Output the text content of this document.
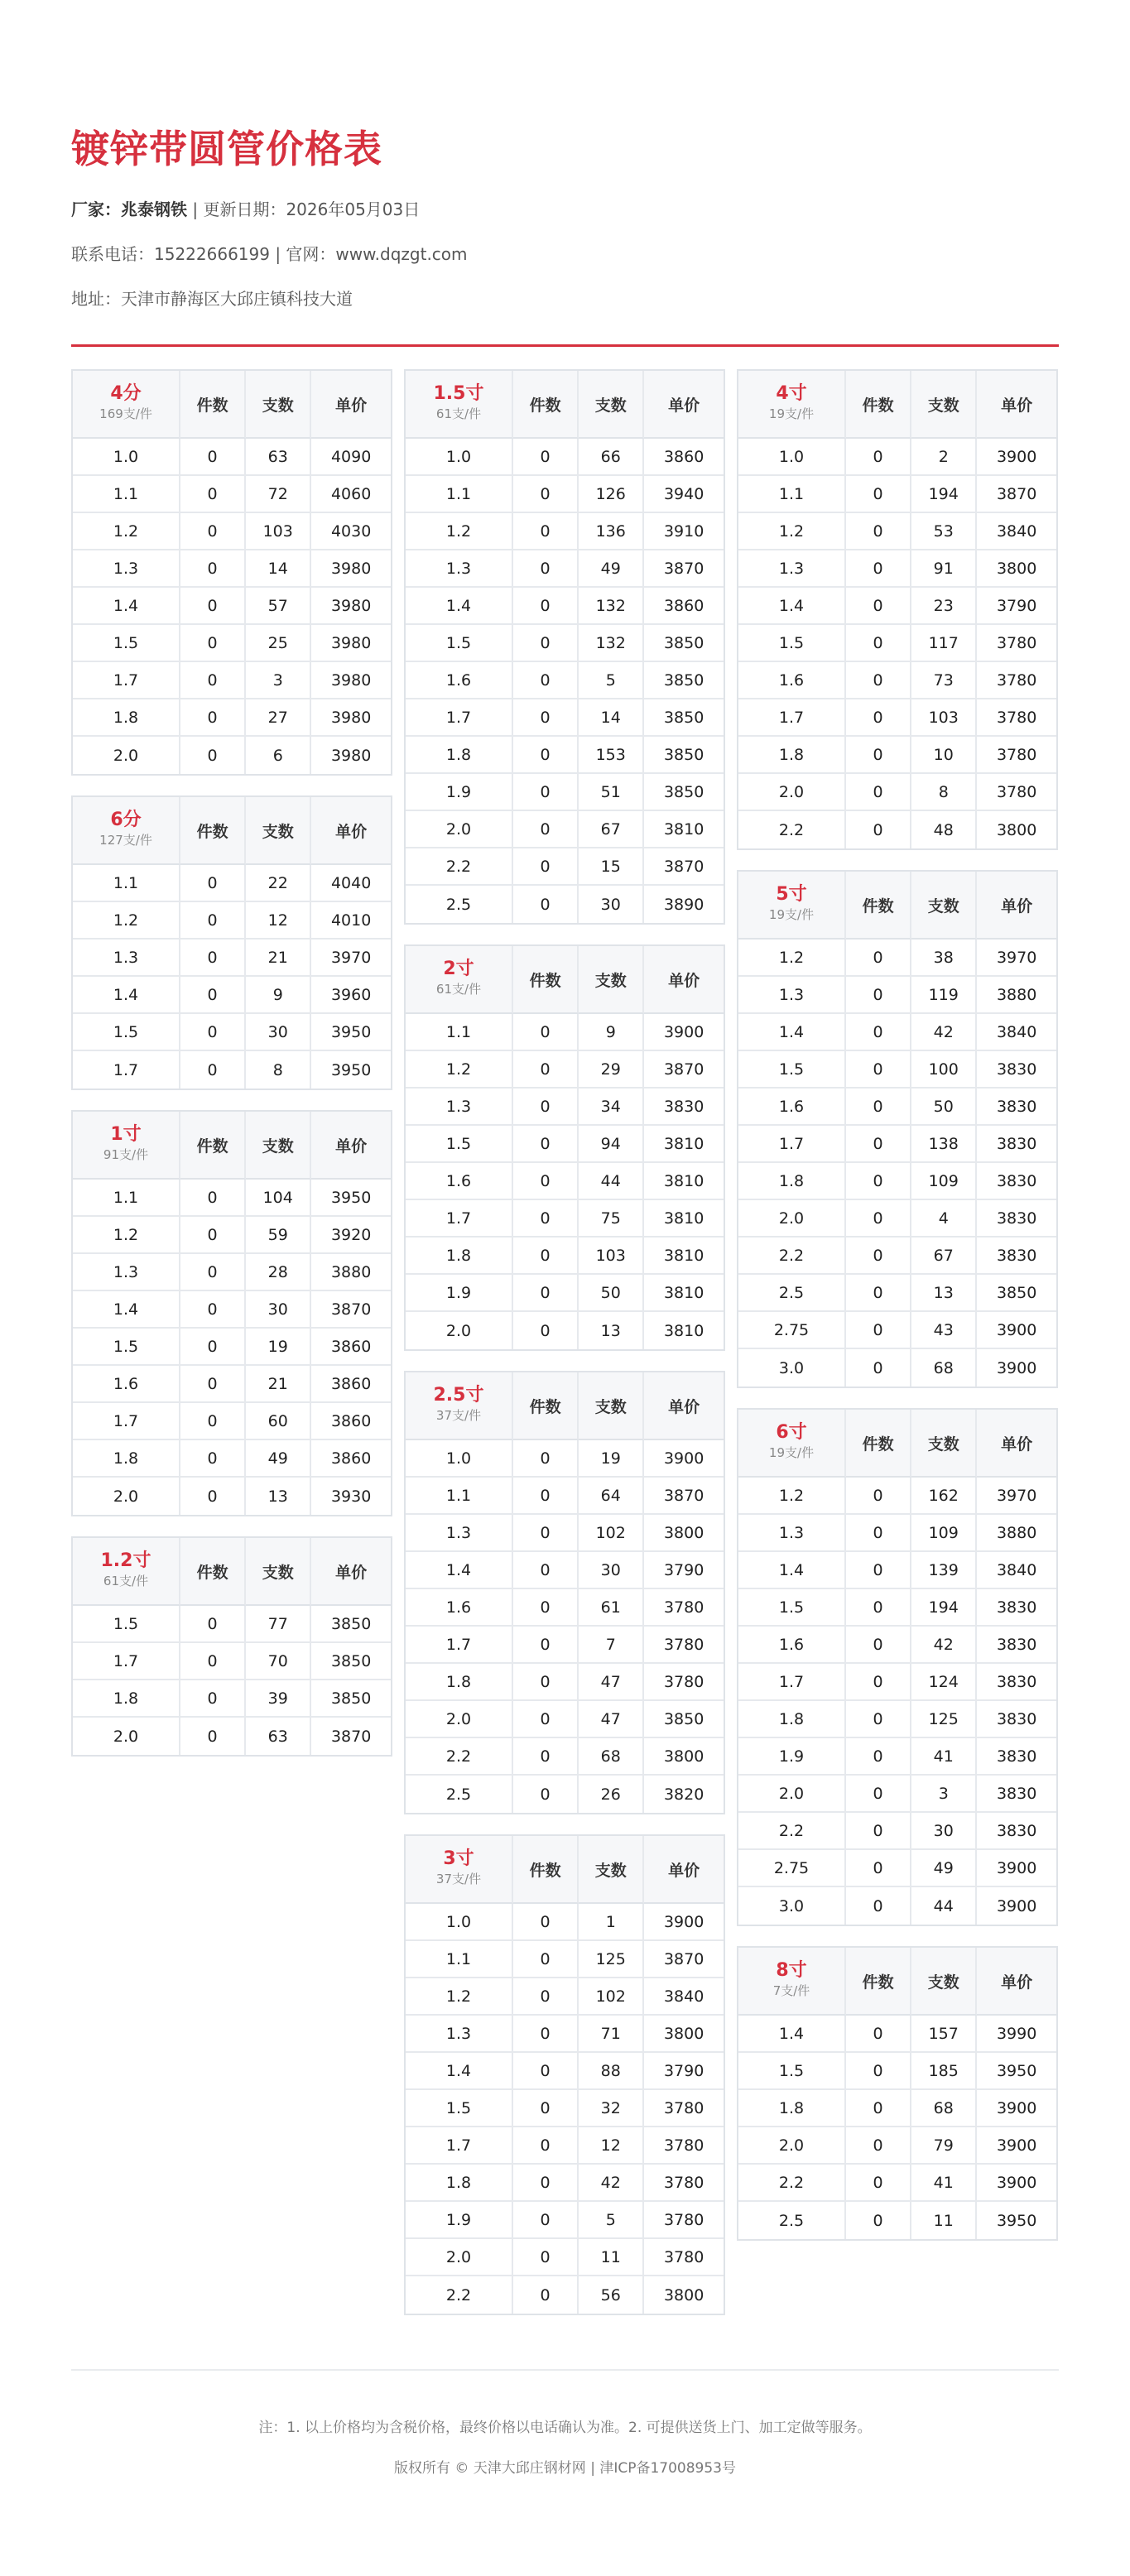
镀锌带圆管价格表
厂家：兆泰钢铁 | 更新日期：2026年05月03日
联系电话：15222666199 | 官网：www.dqzgt.com
地址：天津市静海区大邱庄镇科技大道
4分
169支/件	件数	支数	单价
1.0	0	63	4090
1.1	0	72	4060
1.2	0	103	4030
1.3	0	14	3980
1.4	0	57	3980
1.5	0	25	3980
1.7	0	3	3980
1.8	0	27	3980
2.0	0	6	3980
6分
127支/件	件数	支数	单价
1.1	0	22	4040
1.2	0	12	4010
1.3	0	21	3970
1.4	0	9	3960
1.5	0	30	3950
1.7	0	8	3950
1寸
91支/件	件数	支数	单价
1.1	0	104	3950
1.2	0	59	3920
1.3	0	28	3880
1.4	0	30	3870
1.5	0	19	3860
1.6	0	21	3860
1.7	0	60	3860
1.8	0	49	3860
2.0	0	13	3930
1.2寸
61支/件	件数	支数	单价
1.5	0	77	3850
1.7	0	70	3850
1.8	0	39	3850
2.0	0	63	3870
1.5寸
61支/件	件数	支数	单价
1.0	0	66	3860
1.1	0	126	3940
1.2	0	136	3910
1.3	0	49	3870
1.4	0	132	3860
1.5	0	132	3850
1.6	0	5	3850
1.7	0	14	3850
1.8	0	153	3850
1.9	0	51	3850
2.0	0	67	3810
2.2	0	15	3870
2.5	0	30	3890
2寸
61支/件	件数	支数	单价
1.1	0	9	3900
1.2	0	29	3870
1.3	0	34	3830
1.5	0	94	3810
1.6	0	44	3810
1.7	0	75	3810
1.8	0	103	3810
1.9	0	50	3810
2.0	0	13	3810
2.5寸
37支/件	件数	支数	单价
1.0	0	19	3900
1.1	0	64	3870
1.3	0	102	3800
1.4	0	30	3790
1.6	0	61	3780
1.7	0	7	3780
1.8	0	47	3780
2.0	0	47	3850
2.2	0	68	3800
2.5	0	26	3820
3寸
37支/件	件数	支数	单价
1.0	0	1	3900
1.1	0	125	3870
1.2	0	102	3840
1.3	0	71	3800
1.4	0	88	3790
1.5	0	32	3780
1.7	0	12	3780
1.8	0	42	3780
1.9	0	5	3780
2.0	0	11	3780
2.2	0	56	3800
4寸
19支/件	件数	支数	单价
1.0	0	2	3900
1.1	0	194	3870
1.2	0	53	3840
1.3	0	91	3800
1.4	0	23	3790
1.5	0	117	3780
1.6	0	73	3780
1.7	0	103	3780
1.8	0	10	3780
2.0	0	8	3780
2.2	0	48	3800
5寸
19支/件	件数	支数	单价
1.2	0	38	3970
1.3	0	119	3880
1.4	0	42	3840
1.5	0	100	3830
1.6	0	50	3830
1.7	0	138	3830
1.8	0	109	3830
2.0	0	4	3830
2.2	0	67	3830
2.5	0	13	3850
2.75	0	43	3900
3.0	0	68	3900
6寸
19支/件	件数	支数	单价
1.2	0	162	3970
1.3	0	109	3880
1.4	0	139	3840
1.5	0	194	3830
1.6	0	42	3830
1.7	0	124	3830
1.8	0	125	3830
1.9	0	41	3830
2.0	0	3	3830
2.2	0	30	3830
2.75	0	49	3900
3.0	0	44	3900
8寸
7支/件	件数	支数	单价
1.4	0	157	3990
1.5	0	185	3950
1.8	0	68	3900
2.0	0	79	3900
2.2	0	41	3900
2.5	0	11	3950
注：1. 以上价格均为含税价格，最终价格以电话确认为准。2. 可提供送货上门、加工定做等服务。
版权所有 © 天津大邱庄钢材网 | 津ICP备17008953号
